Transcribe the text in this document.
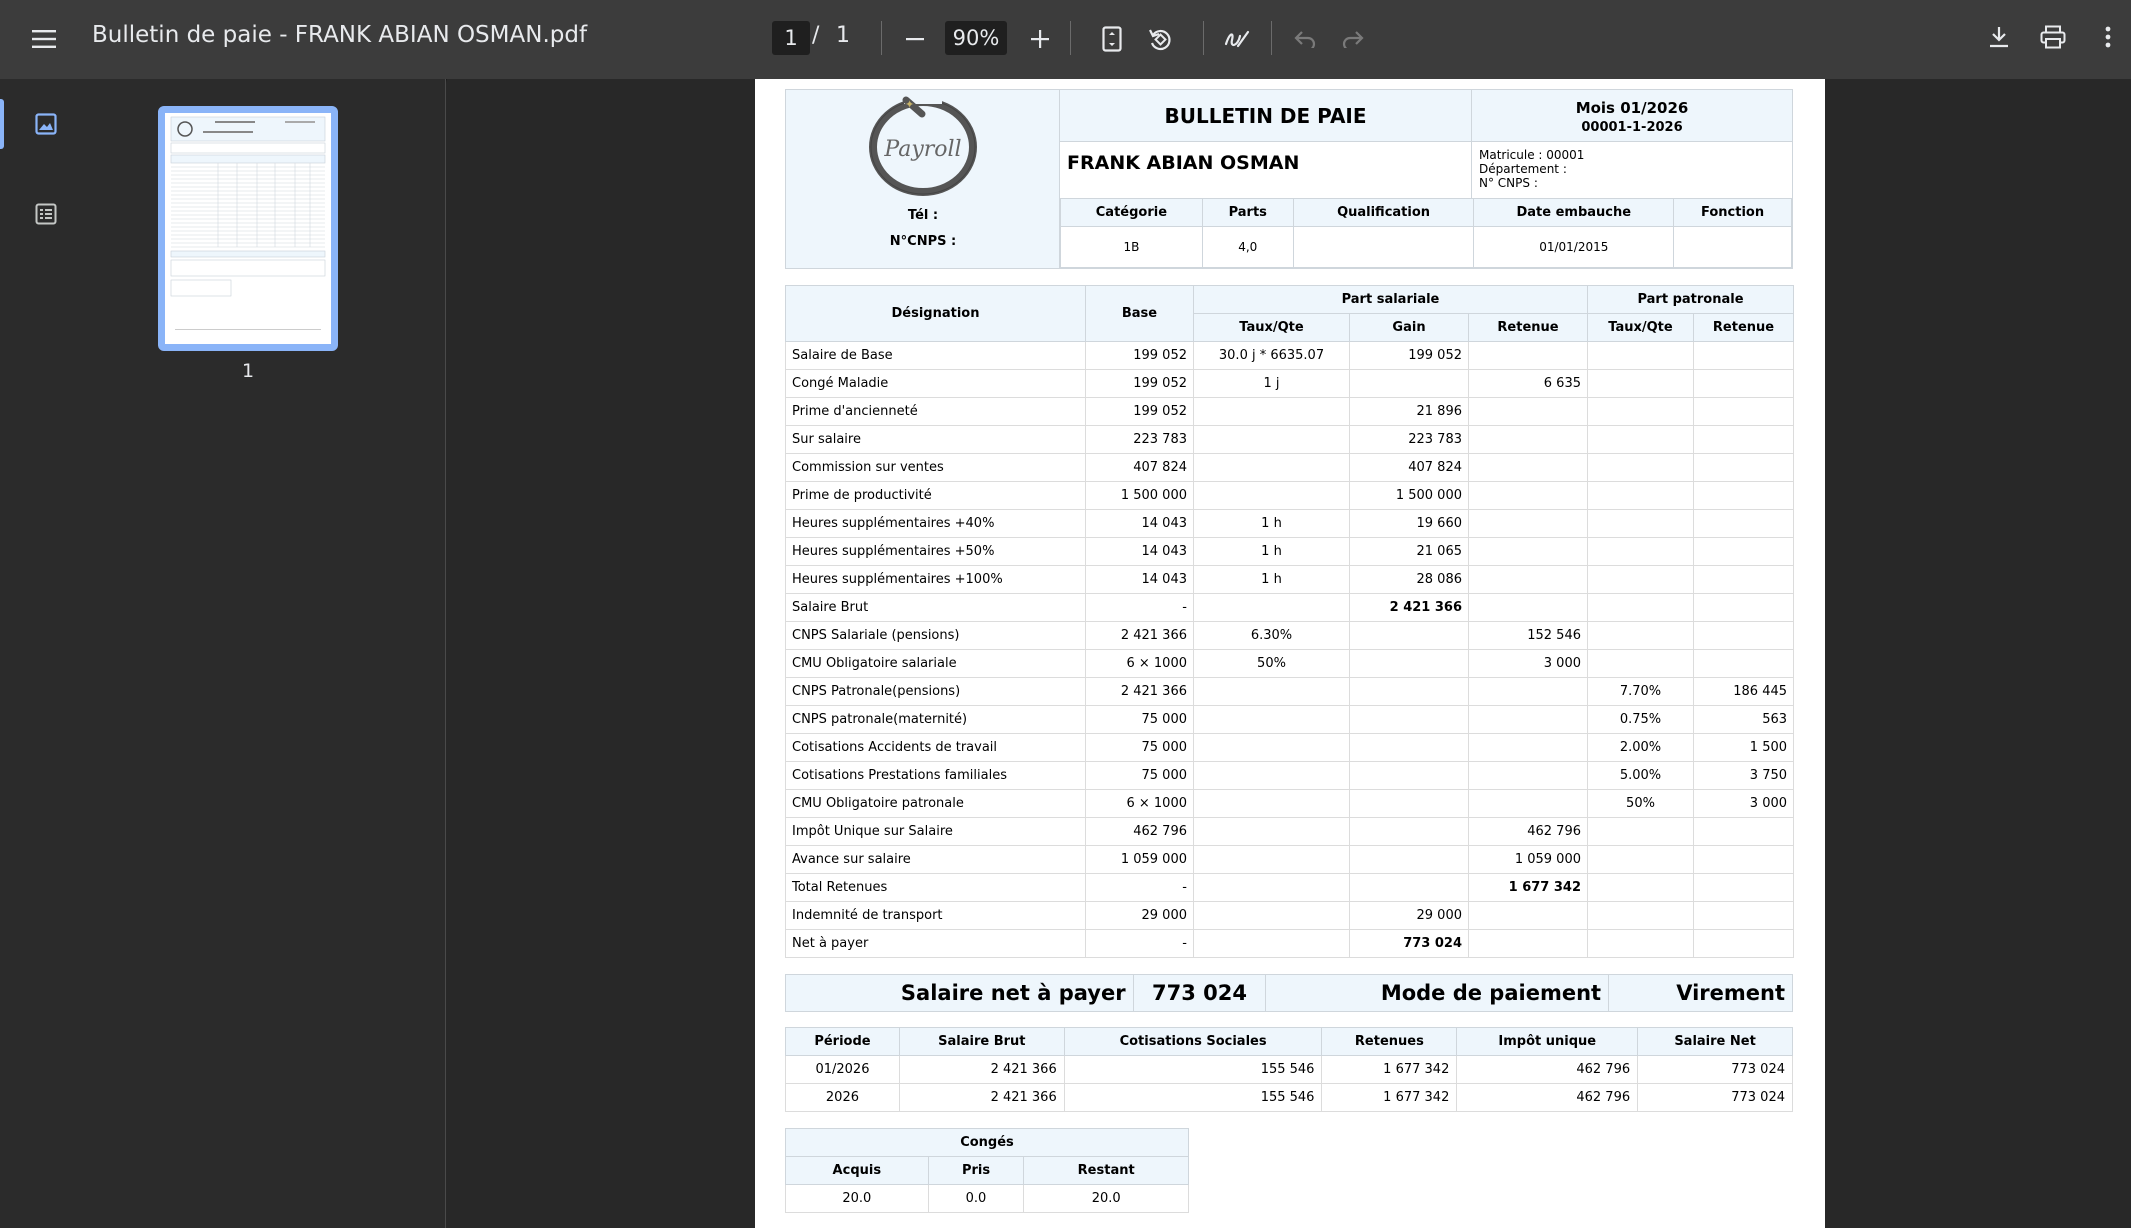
Bulletin de paie - FRANK ABIAN OSMAN.pdf	1 / 1	90%
1
✦
Payroll
Tél :
N°CNPS :
BULLETIN DE PAIE	Mois 01/2026
00001-1-2026
FRANK ABIAN OSMAN	Matricule : 00001
Département :
N° CNPS :
Catégorie	Parts	Qualification	Date embauche	Fonction
1B	4,0		01/01/2015	
Désignation	Base	Part salariale			Part patronale	
		Taux/Qte	Gain	Retenue	Taux/Qte	Retenue
Salaire de Base	199 052	30.0 j * 6635.07	199 052			
Congé Maladie	199 052	1 j		6 635		
Prime d'ancienneté	199 052		21 896			
Sur salaire	223 783		223 783			
Commission sur ventes	407 824		407 824			
Prime de productivité	1 500 000		1 500 000			
Heures supplémentaires +40%	14 043	1 h	19 660			
Heures supplémentaires +50%	14 043	1 h	21 065			
Heures supplémentaires +100%	14 043	1 h	28 086			
Salaire Brut	-		2 421 366			
CNPS Salariale (pensions)	2 421 366	6.30%		152 546		
CMU Obligatoire salariale	6 × 1000	50%		3 000		
CNPS Patronale(pensions)	2 421 366				7.70%	186 445
CNPS patronale(maternité)	75 000				0.75%	563
Cotisations Accidents de travail	75 000				2.00%	1 500
Cotisations Prestations familiales	75 000				5.00%	3 750
CMU Obligatoire patronale	6 × 1000				50%	3 000
Impôt Unique sur Salaire	462 796			462 796		
Avance sur salaire	1 059 000			1 059 000		
Total Retenues	-			1 677 342		
Indemnité de transport	29 000		29 000			
Net à payer	-		773 024			
Salaire net à payer	773 024	Mode de paiement	Virement
Période	Salaire Brut	Cotisations Sociales	Retenues	Impôt unique	Salaire Net
01/2026	2 421 366	155 546	1 677 342	462 796	773 024
2026	2 421 366	155 546	1 677 342	462 796	773 024
Congés		
Acquis	Pris	Restant
20.0	0.0	20.0
